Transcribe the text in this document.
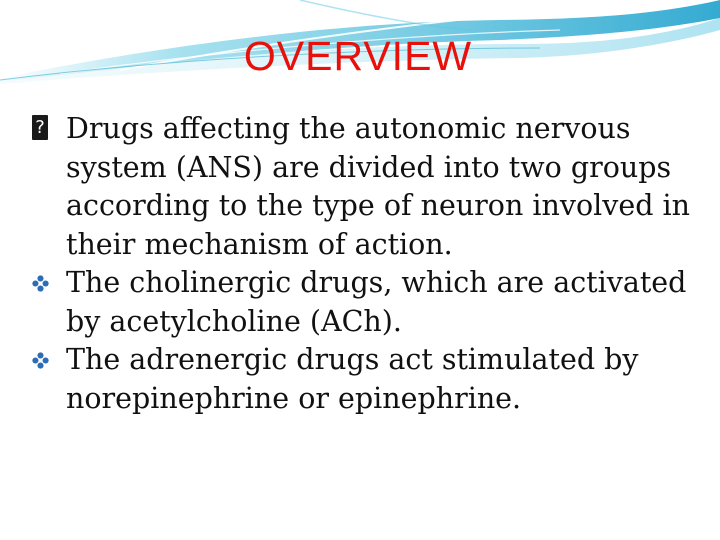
OVERVIEW
?Drugs affecting the autonomic nervous system (ANS) are divided into two groups according to the type of neuron involved in their mechanism of action.
The cholinergic drugs, which are activated by acetylcholine (ACh).
The adrenergic drugs act stimulated by norepinephrine or epinephrine.
